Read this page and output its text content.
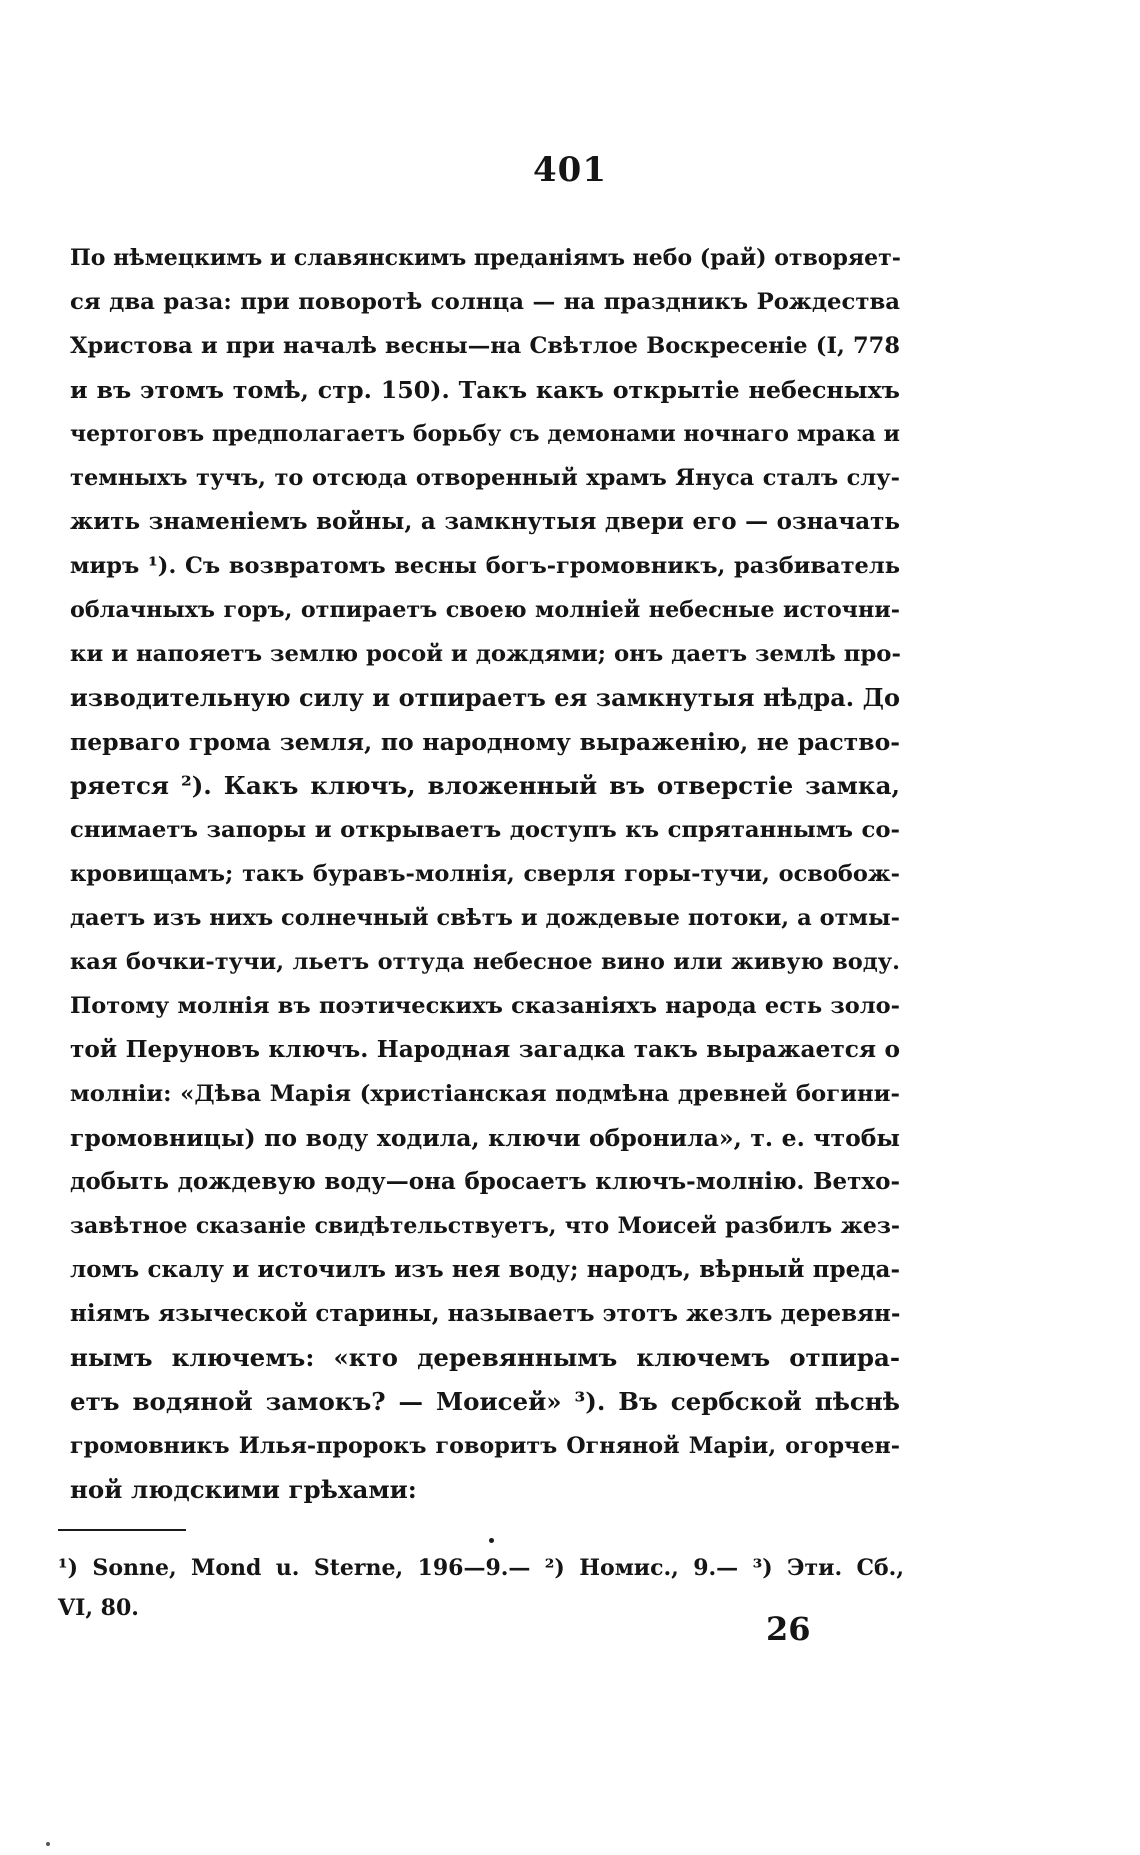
401
По нѣмецкимъ и славянскимъ преданіямъ небо (рай) отворяет-
ся два раза: при поворотѣ солнца — на праздникъ Рождества
Христова и при началѣ весны—на Свѣтлое Воскресеніе (I, 778
и въ этомъ томѣ, стр. 150). Такъ какъ открытіе небесныхъ
чертоговъ предполагаетъ борьбу съ демонами ночнаго мрака и
темныхъ тучъ, то отсюда отворенный храмъ Януса сталъ слу-
жить знаменіемъ войны, а замкнутыя двери его — означать
миръ ¹). Съ возвратомъ весны богъ-громовникъ, разбиватель
облачныхъ горъ, отпираетъ своею молніей небесные источни-
ки и напояетъ землю росой и дождями; онъ даетъ землѣ про-
изводительную силу и отпираетъ ея замкнутыя нѣдра. До
перваго грома земля, по народному выраженію, не раство-
ряется ²). Какъ ключъ, вложенный въ отверстіе замка,
снимаетъ запоры и открываетъ доступъ къ спрятаннымъ со-
кровищамъ; такъ буравъ-молнія, сверля горы-тучи, освобож-
даетъ изъ нихъ солнечный свѣтъ и дождевые потоки, а отмы-
кая бочки-тучи, льетъ оттуда небесное вино или живую воду.
Потому молнія въ поэтическихъ сказаніяхъ народа есть золо-
той Перуновъ ключъ. Народная загадка такъ выражается о
молніи: «Дѣва Марія (христіанская подмѣна древней богини-
громовницы) по воду ходила, ключи обронила», т. е. чтобы
добыть дождевую воду—она бросаетъ ключъ-молнію. Ветхо-
завѣтное сказаніе свидѣтельствуетъ, что Моисей разбилъ жез-
ломъ скалу и источилъ изъ нея воду; народъ, вѣрный преда-
ніямъ языческой старины, называетъ этотъ жезлъ деревян-
нымъ ключемъ: «кто деревяннымъ ключемъ отпира-
етъ водяной замокъ? — Моисей» ³). Въ сербской пѣснѣ
громовникъ Илья-пророкъ говоритъ Огняной Маріи, огорчен-
ной людскими грѣхами:
¹) Sonne, Mond u. Sterne, 196—9.— ²) Номис., 9.— ³) Эти. Сб.,
VI, 80.
26
